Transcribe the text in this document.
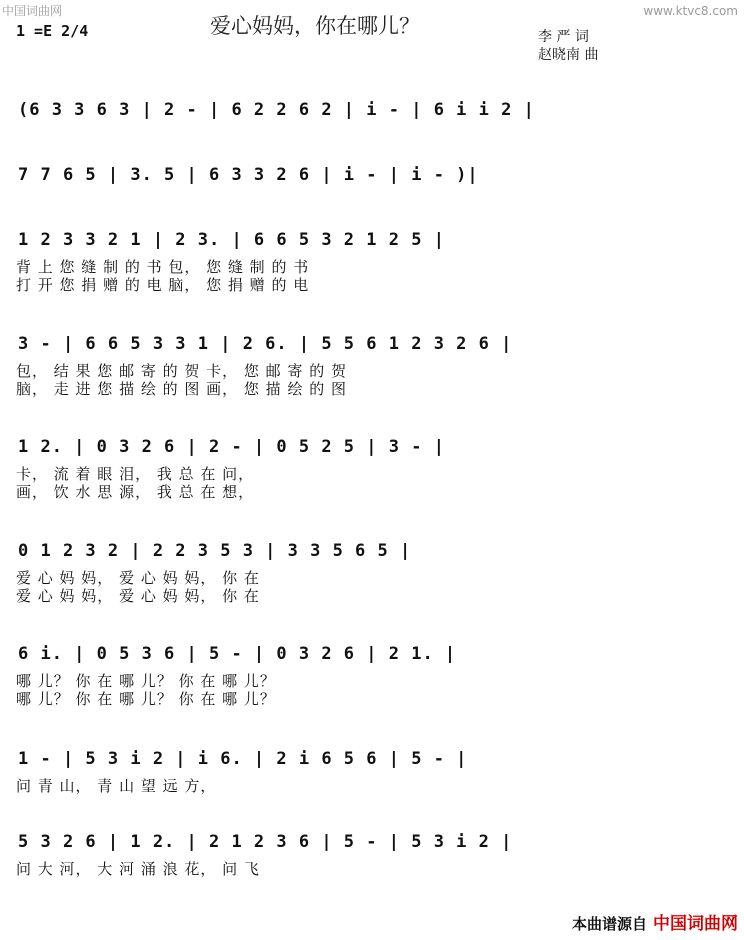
中国词曲网	www.ktvc8.com
爱心妈妈，你在哪儿？
1 =E 2/4	李 严 词
赵晓南 曲
(6 3 3 6 3 | 2 - | 6 2 2 6 2 | i - | 6 i i 2 |
7 7 6 5 | 3. 5 | 6 3 3 2 6 | i - | i - )|
1 2 3 3 2 1 | 2 3. | 6 6 5 3 2 1 2 5 |
背 上 您 缝 制 的 书 包， 您 缝 制 的 书
打 开 您 捐 赠 的 电 脑， 您 捐 赠 的 电
3 - | 6 6 5 3 3 1 | 2 6. | 5 5 6 1 2 3 2 6 |
包， 结 果 您 邮 寄 的 贺 卡， 您 邮 寄 的 贺
脑， 走 进 您 描 绘 的 图 画， 您 描 绘 的 图
1 2. | 0 3 2 6 | 2 - | 0 5 2 5 | 3 - |
卡， 流 着 眼 泪， 我 总 在 问，
画， 饮 水 思 源， 我 总 在 想，
0 1 2 3 2 | 2 2 3 5 3 | 3 3 5 6 5 |
爱 心 妈 妈， 爱 心 妈 妈， 你 在
爱 心 妈 妈， 爱 心 妈 妈， 你 在
6 i. | 0 5 3 6 | 5 - | 0 3 2 6 | 2 1. |
哪 儿？ 你 在 哪 儿？ 你 在 哪 儿？
哪 儿？ 你 在 哪 儿？ 你 在 哪 儿？
1 - | 5 3 i 2 | i 6. | 2 i 6 5 6 | 5 - |
问 青 山， 青 山 望 远 方，
5 3 2 6 | 1 2. | 2 1 2 3 6 | 5 - | 5 3 i 2 |
问 大 河， 大 河 涌 浪 花， 问 飞
本曲谱源自 中国词曲网
